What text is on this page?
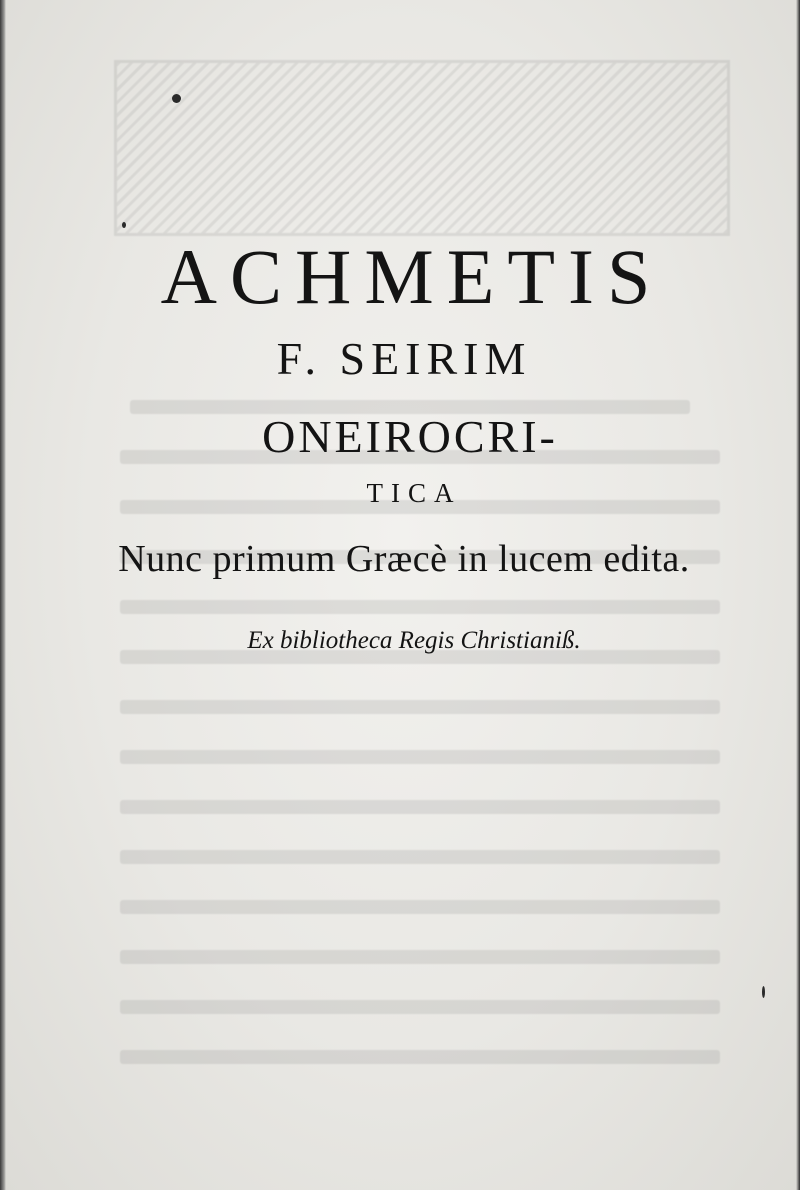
ACHMETIS

F. SEIRIM

ONEIROCRI-

TICA

Nunc primum Græcè in lucem edita.

Ex bibliotheca Regis Christianiß.
